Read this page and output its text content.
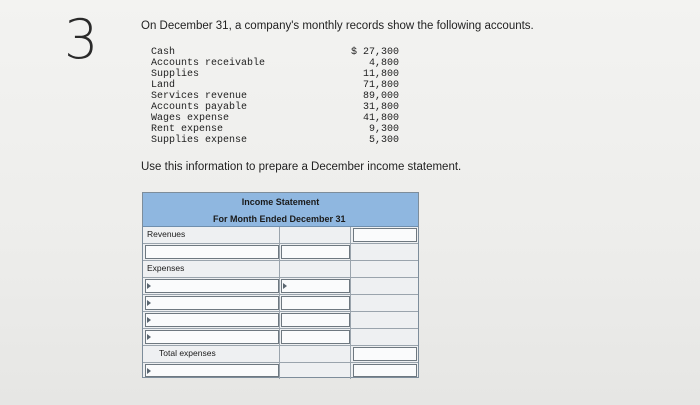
3	On December 31, a company's monthly records show the following accounts.
Cash	$ 27,300
Accounts receivable	4,800
Supplies	11,800
Land	71,800
Services revenue	89,000
Accounts payable	31,800
Wages expense	41,800
Rent expense	9,300
Supplies expense	5,300
Use this information to prepare a December income statement.
Income Statement
For Month Ended December 31
Revenues
Expenses
Total expenses
